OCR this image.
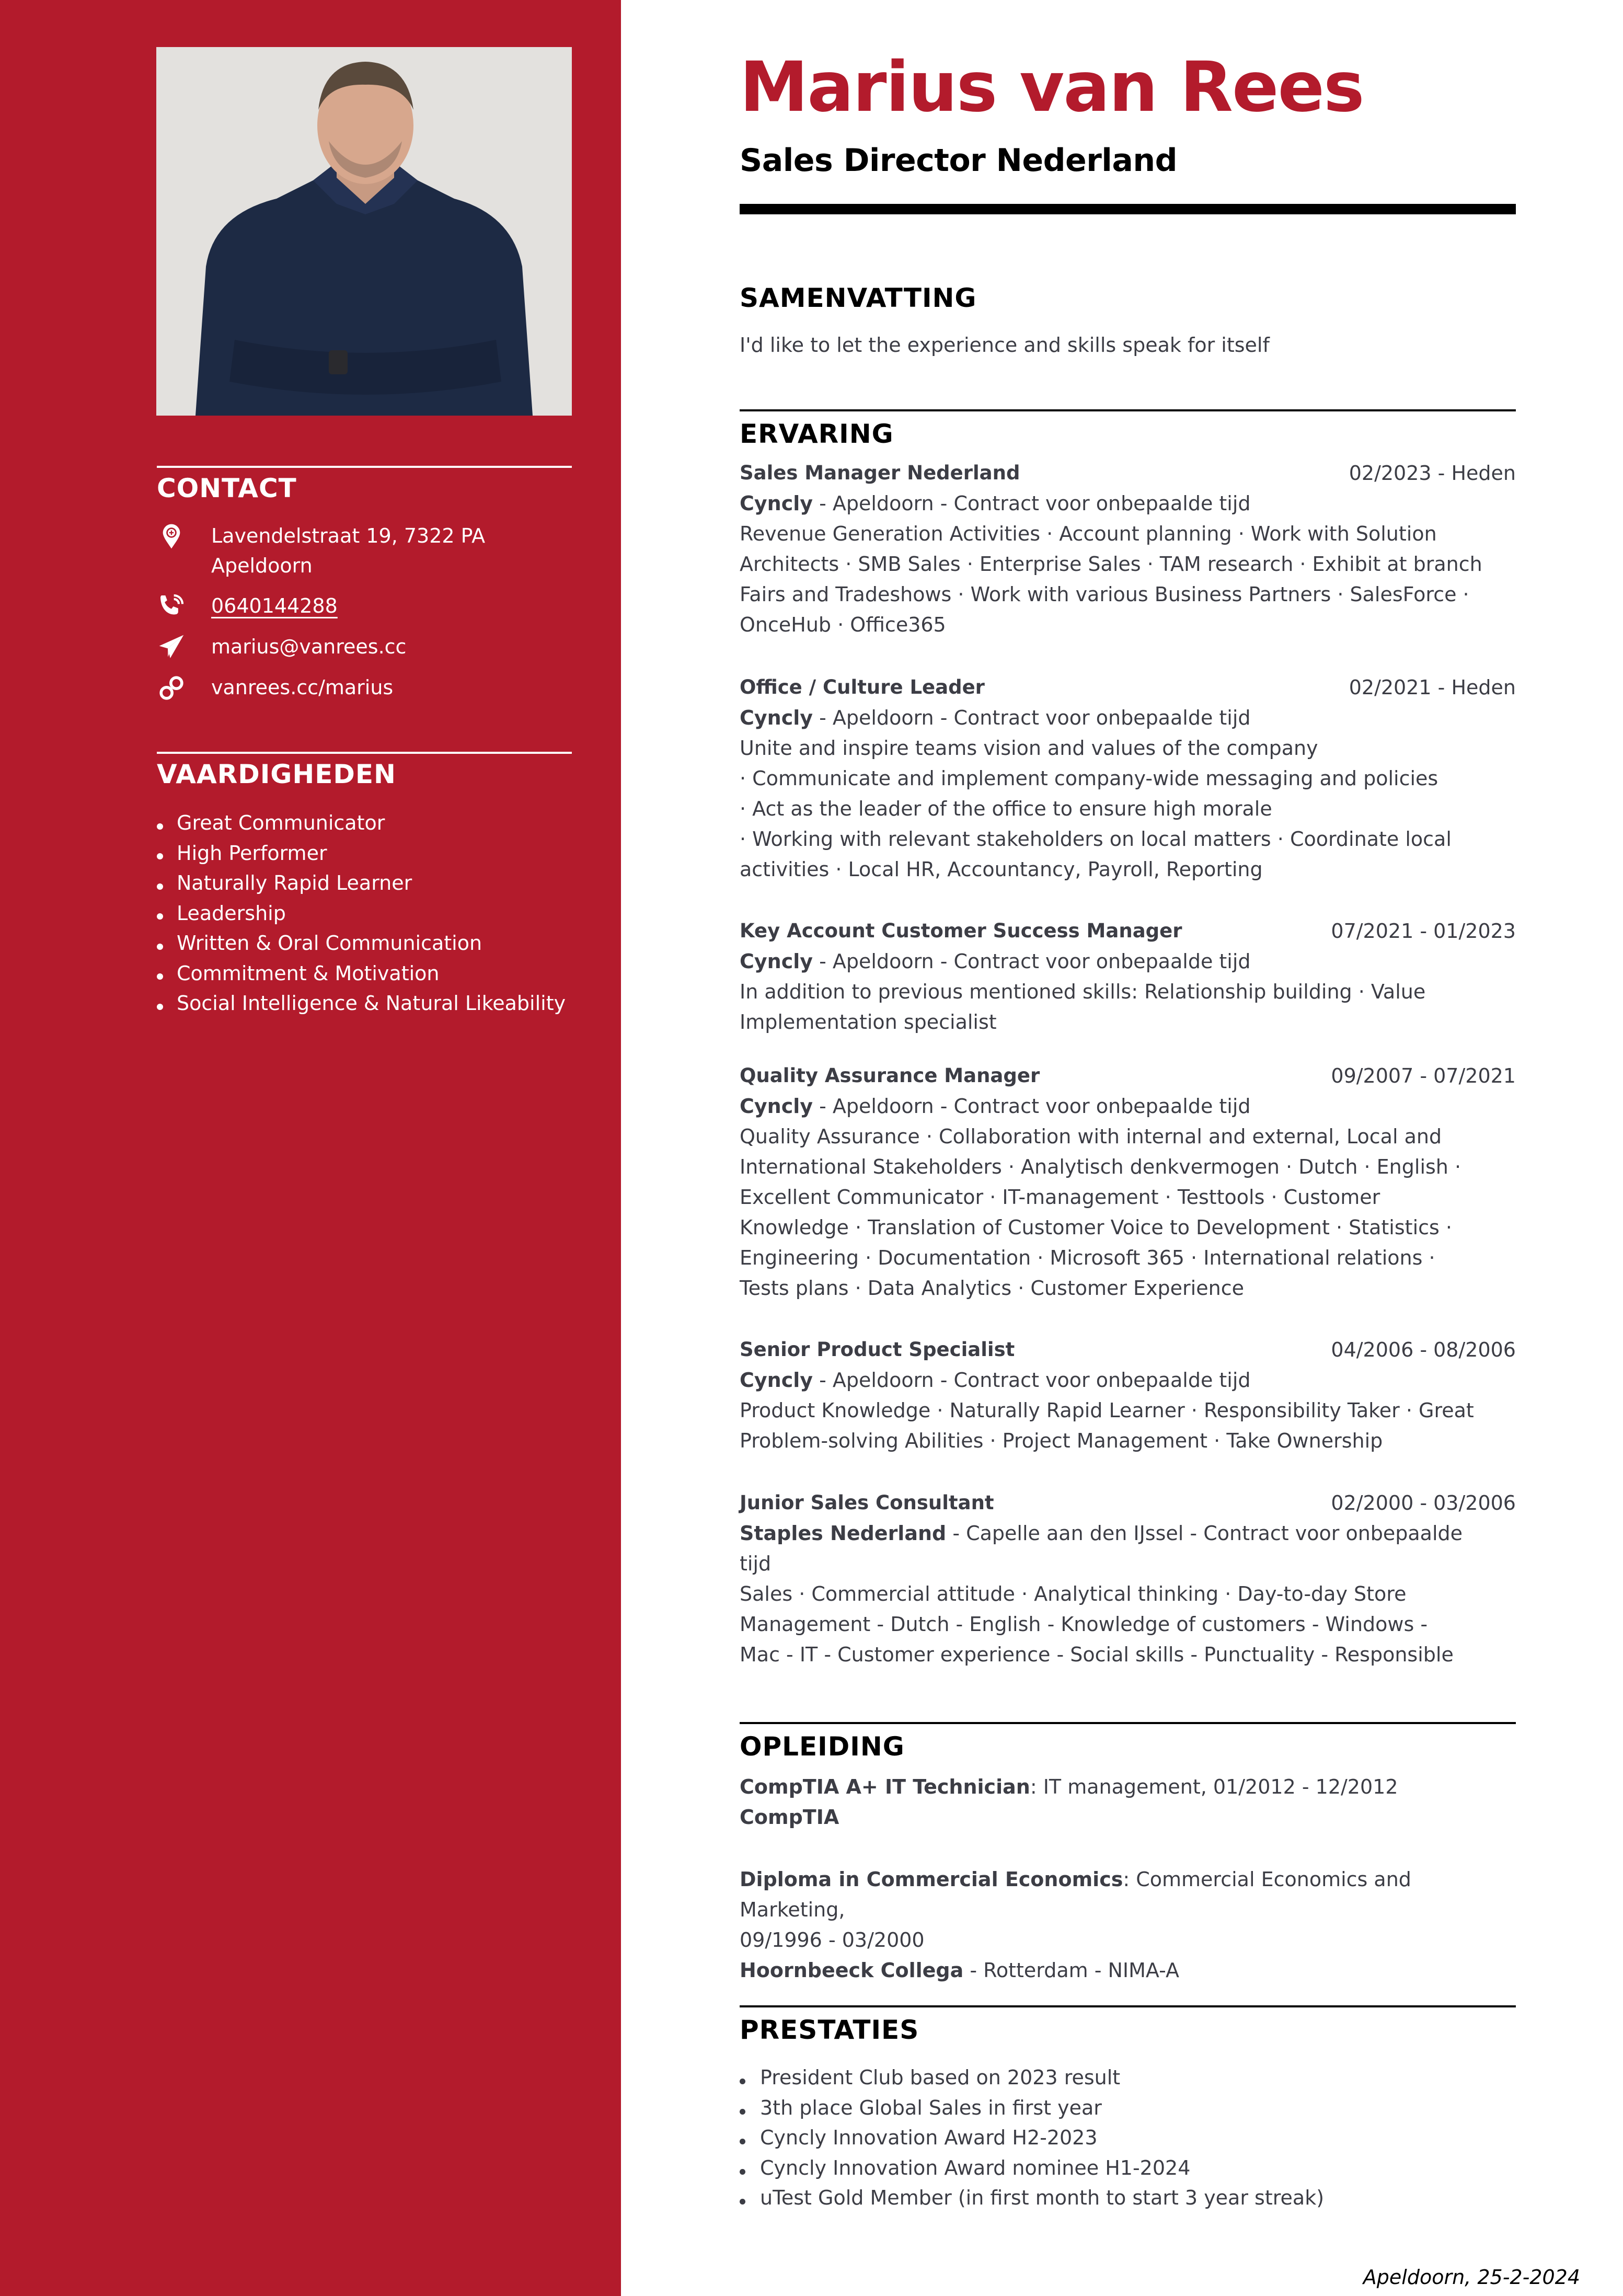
CONTACT
Lavendelstraat 19, 7322 PA
Apeldoorn
0640144288
marius@vanrees.cc
vanrees.cc/marius
VAARDIGHEDEN
Great Communicator
High Performer
Naturally Rapid Learner
Leadership
Written & Oral Communication
Commitment & Motivation
Social Intelligence & Natural Likeability
Marius van Rees
Sales Director Nederland
SAMENVATTING

I'd like to let the experience and skills speak for itself

ERVARING
Sales Manager Nederland	02/2023 - Heden
Cyncly - Apeldoorn - Contract voor onbepaalde tijd
Revenue Generation Activities · Account planning · Work with Solution
Architects · SMB Sales · Enterprise Sales · TAM research · Exhibit at branch
Fairs and Tradeshows · Work with various Business Partners · SalesForce ·
OnceHub · Office365
Office / Culture Leader	02/2021 - Heden
Cyncly - Apeldoorn - Contract voor onbepaalde tijd
Unite and inspire teams vision and values of the company
· Communicate and implement company-wide messaging and policies
· Act as the leader of the office to ensure high morale
· Working with relevant stakeholders on local matters · Coordinate local
activities · Local HR, Accountancy, Payroll, Reporting
Key Account Customer Success Manager	07/2021 - 01/2023
Cyncly - Apeldoorn - Contract voor onbepaalde tijd
In addition to previous mentioned skills: Relationship building · Value
Implementation specialist
Quality Assurance Manager	09/2007 - 07/2021
Cyncly - Apeldoorn - Contract voor onbepaalde tijd
Quality Assurance · Collaboration with internal and external, Local and
International Stakeholders · Analytisch denkvermogen · Dutch · English ·
Excellent Communicator · IT-management · Testtools · Customer
Knowledge · Translation of Customer Voice to Development · Statistics ·
Engineering · Documentation · Microsoft 365 · International relations ·
Tests plans · Data Analytics · Customer Experience
Senior Product Specialist	04/2006 - 08/2006
Cyncly - Apeldoorn - Contract voor onbepaalde tijd
Product Knowledge · Naturally Rapid Learner · Responsibility Taker · Great
Problem-solving Abilities · Project Management · Take Ownership
Junior Sales Consultant	02/2000 - 03/2006
Staples Nederland - Capelle aan den IJssel - Contract voor onbepaalde
tijd
Sales · Commercial attitude · Analytical thinking · Day-to-day Store
Management - Dutch - English - Knowledge of customers - Windows -
Mac - IT - Customer experience - Social skills - Punctuality - Responsible
OPLEIDING
CompTIA A+ IT Technician: IT management, 01/2012 - 12/2012
CompTIA
Diploma in Commercial Economics: Commercial Economics and Marketing,
09/1996 - 03/2000
Hoornbeeck Collega - Rotterdam - NIMA-A
PRESTATIES
President Club based on 2023 result
3th place Global Sales in first year
Cyncly Innovation Award H2-2023
Cyncly Innovation Award nominee H1-2024
uTest Gold Member (in first month to start 3 year streak)
Apeldoorn, 25-2-2024
